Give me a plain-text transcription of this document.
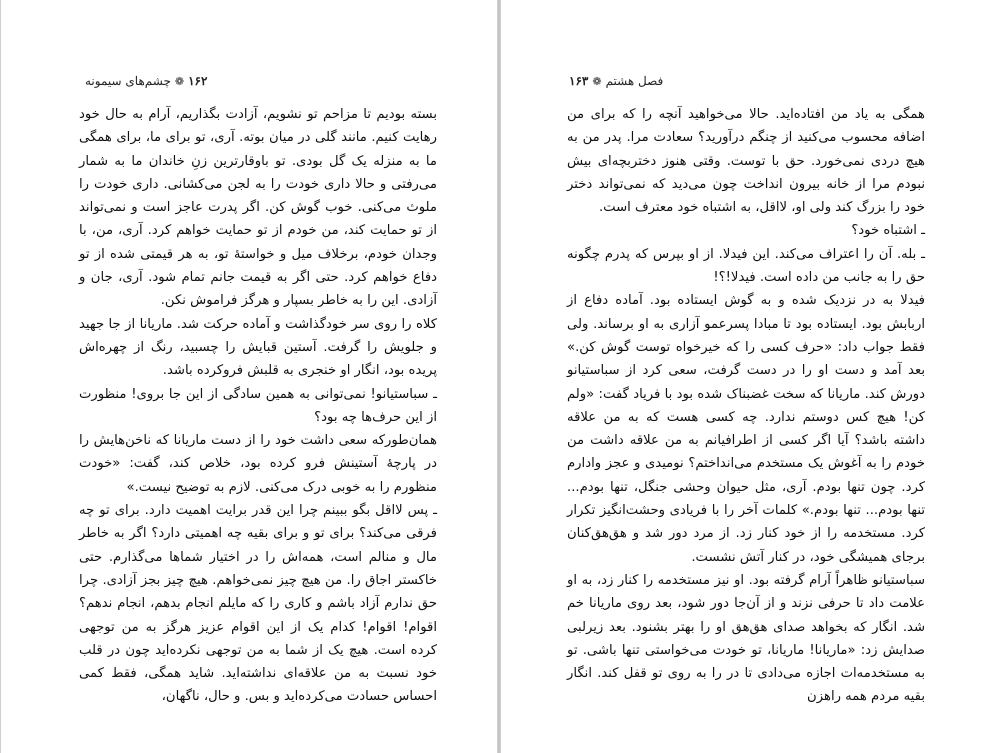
۱۶۲
❁
چشم‌های سیمونه

بسته بودیم تا مزاحم تو نشویم، آزادت بگذاریم، آرام به حال خود رهایت کنیم. مانند گلی در میان بوته. آری، تو برای ما، برای همگی ما به منزله یک گل بودی. تو باوقارترین زنِ خاندان ما به شمار می‌رفتی و حالا داری خودت را به لجن می‌کشانی. داری خودت را ملوث می‌کنی. خوب گوش کن. اگر پدرت عاجز است و نمی‌تواند از تو حمایت کند، من خودم از تو حمایت خواهم کرد. آری، من، با وجدان خودم، برخلاف میل و خواستهٔ تو، به هر قیمتی شده از تو دفاع خواهم کرد. حتی اگر به قیمت جانم تمام شود. آری، جان و آزادی. این را به خاطر بسپار و هرگز فراموش نکن.

کلاه را روی سر خودگذاشت و آماده حرکت شد. ماریانا از جا جهید و جلویش را گرفت. آستین قبایش را چسبید، رنگ از چهره‌اش پریده بود، انگار او خنجری به قلبش فروکرده باشد.

ـ سباستیانو! نمی‌توانی به همین سادگی از این جا بروی! منظورت از این حرف‌ها چه بود؟

همان‌طورکه سعی داشت خود را از دست ماریانا که ناخن‌هایش را در پارچهٔ آستینش فرو کرده بود، خلاص کند، گفت: «خودت منظورم را به خوبی درک می‌کنی. لازم به توضیح نیست.»

ـ پس لااقل بگو ببینم چرا این قدر برایت اهمیت دارد. برای تو چه فرقی می‌کند؟ برای تو و برای بقیه چه اهمیتی دارد؟ اگر به خاطر مال و منالم است، همه‌اش را در اختیار شماها می‌گذارم. حتی خاکستر اجاق را. من هیچ چیز نمی‌خواهم. هیچ چیز بجز آزادی. چرا حق ندارم آزاد باشم و کاری را که مایلم انجام بدهم، انجام ندهم؟ اقوام! اقوام! کدام یک از این اقوام عزیز هرگز به من توجهی کرده است. هیچ یک از شما به من توجهی نکرده‌اید چون در قلب خود نسبت به من علاقه‌ای نداشته‌اید. شاید همگی، فقط کمی احساس حسادت می‌کرده‌اید و بس. و حال، ناگهان،

فصل هشتم
❁
۱۶۳

همگی به یاد من افتاده‌اید. حالا می‌خواهید آنچه را که برای من اضافه محسوب می‌کنید از چنگم درآورید؟ سعادت مرا. پدر من به هیچ دردی نمی‌خورد. حق با توست. وقتی هنوز دختربچه‌ای بیش نبودم مرا از خانه بیرون انداخت چون می‌دید که نمی‌تواند دختر خود را بزرگ کند ولی او، لااقل، به اشتباه خود معترف است.

ـ اشتباه خود؟

ـ بله. آن را اعتراف می‌کند. این فیدلا. از او بپرس که پدرم چگونه حق را به جانب من داده است. فیدلا!؟!

فیدلا به در نزدیک شده و به گوش ایستاده بود. آماده دفاع از اربابش بود. ایستاده بود تا مبادا پسرعمو آزاری به او برساند. ولی فقط جواب داد: «حرف کسی را که خیرخواه توست گوش کن.» بعد آمد و دست او را در دست گرفت، سعی کرد از سباستیانو دورش کند. ماریانا که سخت غضبناک شده بود با فریاد گفت: «ولم کن! هیچ کس دوستم ندارد. چه کسی هست که به من علاقه داشته باشد؟ آیا اگر کسی از اطرافیانم به من علاقه داشت من خودم را به آغوش یک مستخدم می‌انداختم؟ نومیدی و عجز وادارم کرد. چون تنها بودم. آری، مثل حیوان وحشی جنگل، تنها بودم... تنها بودم... تنها بودم.» کلمات آخر را با فریادی وحشت‌انگیز تکرار کرد. مستخدمه را از خود کنار زد. از مرد دور شد و هق‌هق‌کنان برجای همیشگی خود، در کنار آتش نشست.

سباستیانو ظاهراً آرام گرفته بود. او نیز مستخدمه را کنار زد، به او علامت داد تا حرفی نزند و از آن‌جا دور شود، بعد روی ماریانا خم شد. انگار که بخواهد صدای هق‌هق او را بهتر بشنود. بعد زیرلبی صدایش زد: «ماریانا! ماریانا، تو خودت می‌خواستی تنها باشی. تو به مستخدمه‌ات اجازه می‌دادی تا در را به روی تو قفل کند. انگار بقیه مردم همه راهزن
